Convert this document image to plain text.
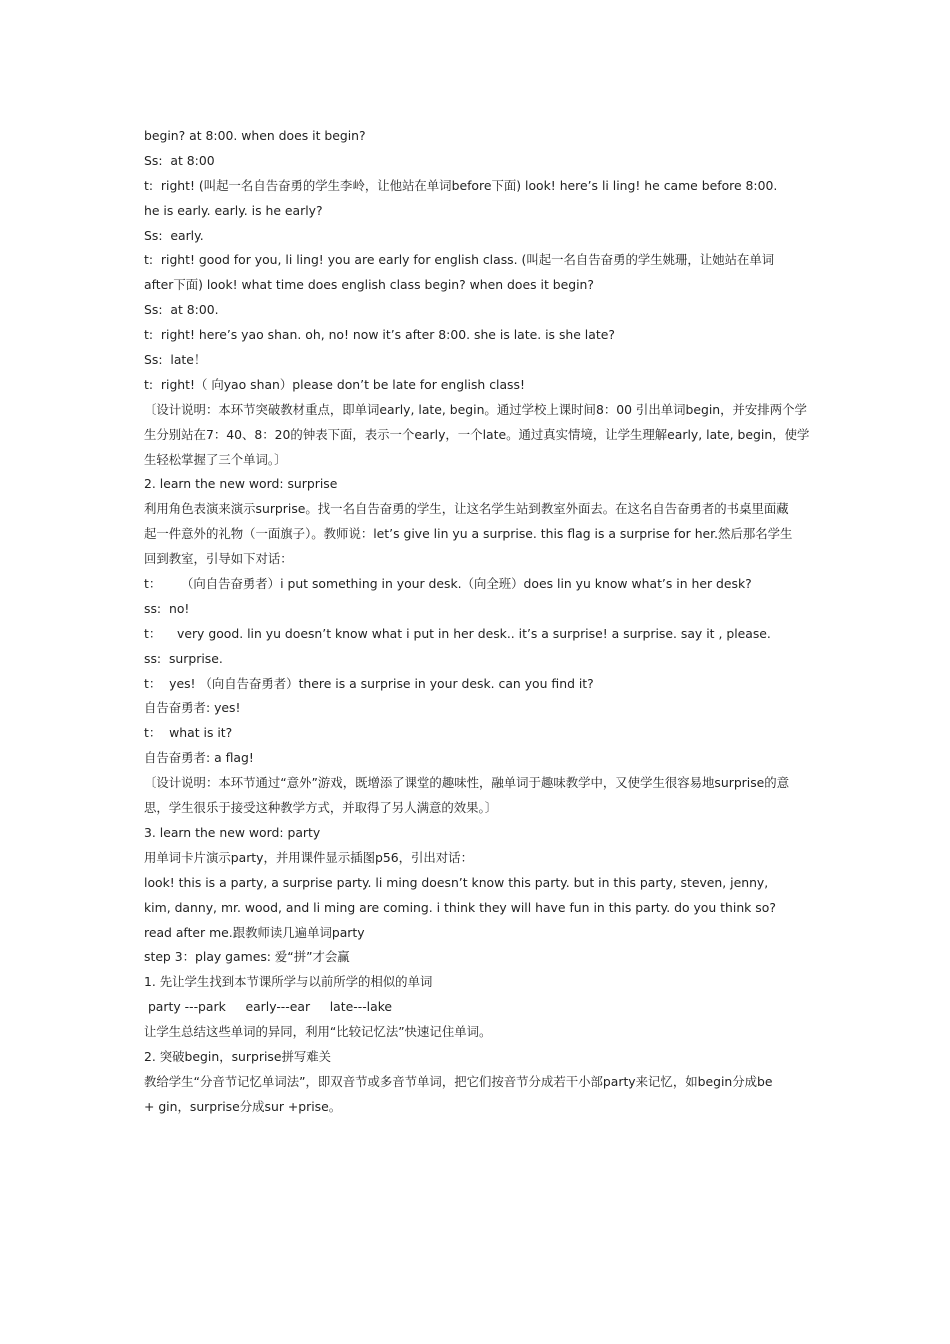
begin? at 8:00. when does it begin?
Ss:  at 8:00
t:  right! (叫起一名自告奋勇的学生李岭，让他站在单词before下面) look! here’s li ling! he came before 8:00.
he is early. early. is he early?
Ss:  early.
t:  right! good for you, li ling! you are early for english class. (叫起一名自告奋勇的学生姚珊，让她站在单词
after下面) look! what time does english class begin? when does it begin?
Ss:  at 8:00.
t:  right! here’s yao shan. oh, no! now it’s after 8:00. she is late. is she late?
Ss:  late！
t:  right!（ 向yao shan）please don’t be late for english class!
〔设计说明：本环节突破教材重点，即单词early, late, begin。通过学校上课时间8：00 引出单词begin，并安排两个学
生分别站在7：40、8：20的钟表下面，表示一个early，一个late。通过真实情境，让学生理解early, late, begin，使学
生轻松掌握了三个单词。〕
2. learn the new word: surprise
利用角色表演来演示surprise。找一名自告奋勇的学生，让这名学生站到教室外面去。在这名自告奋勇者的书桌里面藏
起一件意外的礼物（一面旗子）。教师说：let’s give lin yu a surprise. this flag is a surprise for her.然后那名学生
回到教室，引导如下对话：
t：     （向自告奋勇者）i put something in your desk.（向全班）does lin yu know what’s in her desk?
ss:  no!
t：    very good. lin yu doesn’t know what i put in her desk.. it’s a surprise! a surprise. say it , please.
ss:  surprise.
t：  yes! （向自告奋勇者）there is a surprise in your desk. can you find it?
自告奋勇者: yes!
t：  what is it?
自告奋勇者: a flag!
〔设计说明：本环节通过“意外”游戏，既增添了课堂的趣味性，融单词于趣味教学中，又使学生很容易地surprise的意
思，学生很乐于接受这种教学方式，并取得了另人满意的效果。〕
3. learn the new word: party
用单词卡片演示party，并用课件显示插图p56，引出对话：
look! this is a party, a surprise party. li ming doesn’t know this party. but in this party, steven, jenny,
kim, danny, mr. wood, and li ming are coming. i think they will have fun in this party. do you think so?
read after me.跟教师读几遍单词party
step 3：play games: 爱“拼”才会赢
1. 先让学生找到本节课所学与以前所学的相似的单词
party ---park     early---ear     late---lake
让学生总结这些单词的异同，利用“比较记忆法”快速记住单词。
2. 突破begin，surprise拼写难关
教给学生“分音节记忆单词法”，即双音节或多音节单词，把它们按音节分成若干小部party来记忆，如begin分成be
+ gin，surprise分成sur +prise。
